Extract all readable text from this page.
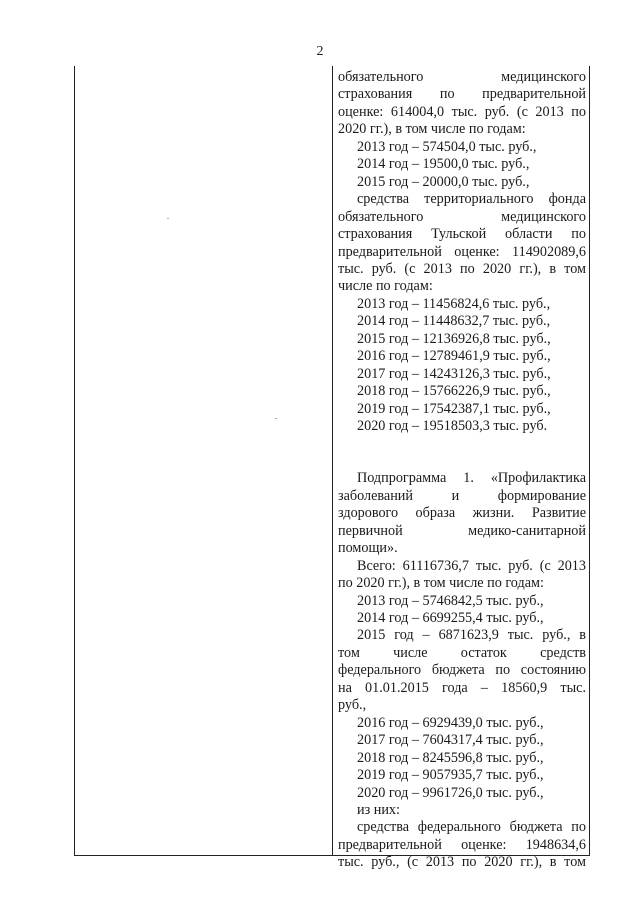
2

обязательного медицинского

страхования по предварительной

оценке: 614004,0 тыс. руб. (с 2013 по

2020 гг.), в том числе по годам:

2013 год – 574504,0 тыс. руб.,

2014 год – 19500,0 тыс. руб.,

2015 год – 20000,0 тыс. руб.,

средства территориального фонда

обязательного медицинского

страхования Тульской области по

предварительной оценке: 114902089,6

тыс. руб. (с 2013 по 2020 гг.), в том

числе по годам:

2013 год – 11456824,6 тыс. руб.,

2014 год – 11448632,7 тыс. руб.,

2015 год – 12136926,8 тыс. руб.,

2016 год – 12789461,9 тыс. руб.,

2017 год – 14243126,3 тыс. руб.,

2018 год – 15766226,9 тыс. руб.,

2019 год – 17542387,1 тыс. руб.,

2020 год – 19518503,3 тыс. руб.

Подпрограмма 1. «Профилактика

заболеваний и формирование

здорового образа жизни. Развитие

первичной медико-санитарной

помощи».

Всего: 61116736,7 тыс. руб. (с 2013

по 2020 гг.), в том числе по годам:

2013 год – 5746842,5 тыс. руб.,

2014 год – 6699255,4 тыс. руб.,

2015 год – 6871623,9 тыс. руб., в

том числе остаток средств

федерального бюджета по состоянию

на 01.01.2015 года – 18560,9 тыс.

руб.,

2016 год – 6929439,0 тыс. руб.,

2017 год – 7604317,4 тыс. руб.,

2018 год – 8245596,8 тыс. руб.,

2019 год – 9057935,7 тыс. руб.,

2020 год – 9961726,0 тыс. руб.,

из них:

средства федерального бюджета по

предварительной оценке: 1948634,6

тыс. руб., (с 2013 по 2020 гг.), в том
